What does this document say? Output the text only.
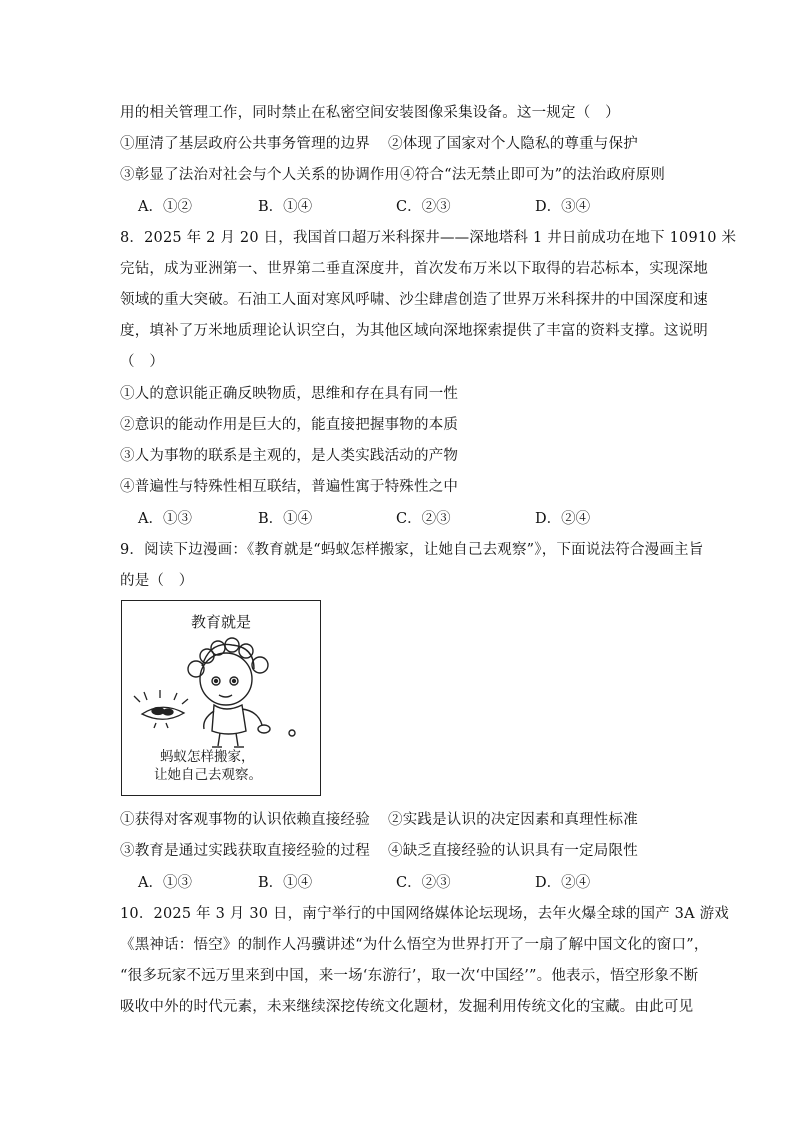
用的相关管理工作，同时禁止在私密空间安装图像采集设备。这一规定（　）
①厘清了基层政府公共事务管理的边界 ②体现了国家对个人隐私的尊重与保护
③彰显了法治对社会与个人关系的协调作用 ④符合“法无禁止即可为”的法治政府原则
A．①②	B．①④	C．②③	D．③④
8．2025 年 2 月 20 日，我国首口超万米科探井——深地塔科 1 井日前成功在地下 10910 米
完钻，成为亚洲第一、世界第二垂直深度井，首次发布万米以下取得的岩芯标本，实现深地
领域的重大突破。石油工人面对寒风呼啸、沙尘肆虐创造了世界万米科探井的中国深度和速
度，填补了万米地质理论认识空白，为其他区域向深地探索提供了丰富的资料支撑。这说明
（　）
①人的意识能正确反映物质，思维和存在具有同一性
②意识的能动作用是巨大的，能直接把握事物的本质
③人为事物的联系是主观的，是人类实践活动的产物
④普遍性与特殊性相互联结，普遍性寓于特殊性之中
A．①③	B．①④	C．②③	D．②④
9．阅读下边漫画：《教育就是“蚂蚁怎样搬家，让她自己去观察”》，下面说法符合漫画主旨
的是（　）
教育就是
蚂蚁怎样搬家，
让她自己去观察。
①获得对客观事物的认识依赖直接经验 ②实践是认识的决定因素和真理性标准
③教育是通过实践获取直接经验的过程 ④缺乏直接经验的认识具有一定局限性
A．①③	B．①④	C．②③	D．②④
10．2025 年 3 月 30 日，南宁举行的中国网络媒体论坛现场，去年火爆全球的国产 3A 游戏
《黑神话：悟空》的制作人冯骥讲述“为什么悟空为世界打开了一扇了解中国文化的窗口”，
“很多玩家不远万里来到中国，来一场‘东游行’，取一次‘中国经’”。他表示，悟空形象不断
吸收中外的时代元素，未来继续深挖传统文化题材，发掘利用传统文化的宝藏。由此可见
